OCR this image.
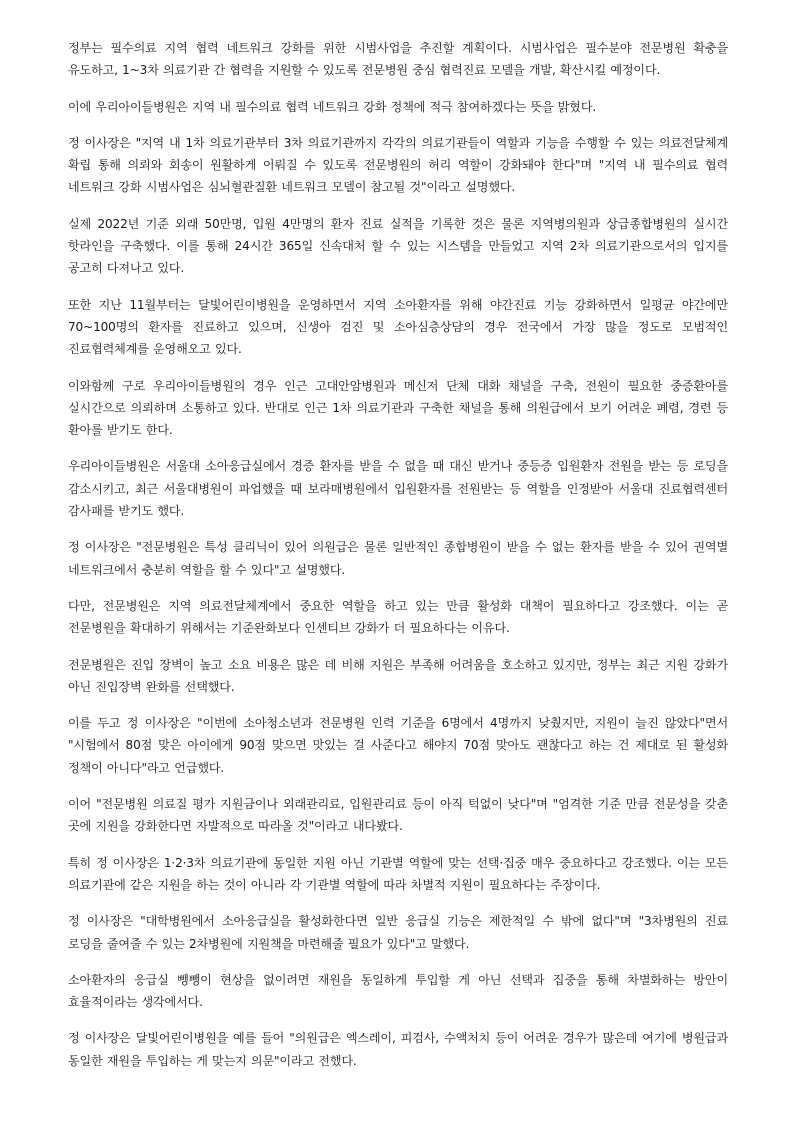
정부는 필수의료 지역 협력 네트워크 강화를 위한 시범사업을 추진할 계획이다. 시범사업은 필수분야 전문병원 확충을 유도하고, 1~3차 의료기관 간 협력을 지원할 수 있도록 전문병원 중심 협력진료 모델을 개발, 확산시킬 예정이다.

이에 우리아이들병원은 지역 내 필수의료 협력 네트워크 강화 정책에 적극 참여하겠다는 뜻을 밝혔다.

정 이사장은 "지역 내 1차 의료기관부터 3차 의료기관까지 각각의 의료기관들이 역할과 기능을 수행할 수 있는 의료전달체계 확립 통해 의뢰와 회송이 원활하게 이뤄질 수 있도록 전문병원의 허리 역할이 강화돼야 한다"며 "지역 내 필수의료 협력 네트워크 강화 시범사업은 심뇌혈관질환 네트워크 모델이 참고될 것"이라고 설명했다.

실제 2022년 기준 외래 50만명, 입원 4만명의 환자 진료 실적을 기록한 것은 물론 지역병의원과 상급종합병원의 실시간 핫라인을 구축했다. 이를 통해 24시간 365일 신속대처 할 수 있는 시스템을 만들었고 지역 2차 의료기관으로서의 입지를 공고히 다져나고 있다.

또한 지난 11월부터는 달빛어린이병원을 운영하면서 지역 소아환자를 위해 야간진료 기능 강화하면서 일평균 야간에만 70~100명의 환자를 진료하고 있으며, 신생아 검진 및 소아심층상담의 경우 전국에서 가장 많을 정도로 모범적인 진료협력체계를 운영해오고 있다.

이와함께 구로 우리아이들병원의 경우 인근 고대안암병원과 메신저 단체 대화 채널을 구축, 전원이 필요한 중증환아를 실시간으로 의뢰하며 소통하고 있다. 반대로 인근 1차 의료기관과 구축한 채널을 통해 의원급에서 보기 어려운 폐렴, 경련 등 환아를 받기도 한다.

우리아이들병원은 서울대 소아응급실에서 경증 환자를 받을 수 없을 때 대신 받거나 중등증 입원환자 전원을 받는 등 로딩을 감소시키고, 최근 서울대병원이 파업했을 때 보라매병원에서 입원환자를 전원받는 등 역할을 인정받아 서울대 진료협력센터 감사패를 받기도 했다.

정 이사장은 "전문병원은 특성 클리닉이 있어 의원급은 물론 일반적인 종합병원이 받을 수 없는 환자를 받을 수 있어 권역별 네트워크에서 충분히 역할을 할 수 있다"고 설명했다.

다만, 전문병원은 지역 의료전달체계에서 중요한 역할을 하고 있는 만큼 활성화 대책이 필요하다고 강조했다. 이는 곧 전문병원을 확대하기 위해서는 기준완화보다 인센티브 강화가 더 필요하다는 이유다.

전문병원은 진입 장벽이 높고 소요 비용은 많은 데 비해 지원은 부족해 어려움을 호소하고 있지만, 정부는 최근 지원 강화가 아닌 진입장벽 완화를 선택했다.

이를 두고 정 이사장은 "이번에 소아청소년과 전문병원 인력 기준을 6명에서 4명까지 낮췄지만, 지원이 늘진 않았다"면서 "시험에서 80점 맞은 아이에게 90점 맞으면 맛있는 걸 사준다고 해야지 70점 맞아도 괜찮다고 하는 건 제대로 된 활성화 정책이 아니다"라고 언급했다.

이어 "전문병원 의료질 평가 지원금이나 외래관리료, 입원관리료 등이 아직 턱없이 낮다"며 "엄격한 기준 만큼 전문성을 갖춘 곳에 지원을 강화한다면 자발적으로 따라올 것"이라고 내다봤다.

특히 정 이사장은 1·2·3차 의료기관에 동일한 지원 아닌 기관별 역할에 맞는 선택·집중 매우 중요하다고 강조했다. 이는 모든 의료기관에 같은 지원을 하는 것이 아니라 각 기관별 역할에 따라 차별적 지원이 필요하다는 주장이다.

정 이사장은 "대학병원에서 소아응급실을 활성화한다면 일반 응급실 기능은 제한적일 수 밖에 없다"며 "3차병원의 진료 로딩을 줄여줄 수 있는 2차병원에 지원책을 마련해줄 필요가 있다"고 말했다.

소아환자의 응급실 뺑뺑이 현상을 없이려면 재원을 동일하게 투입할 게 아닌 선택과 집중을 통해 차별화하는 방안이 효율적이라는 생각에서다.

정 이사장은 달빛어린이병원을 예를 들어 "의원급은 엑스레이, 피검사, 수액처치 등이 어려운 경우가 많은데 여기에 병원급과 동일한 재원을 투입하는 게 맞는지 의문"이라고 전했다.
